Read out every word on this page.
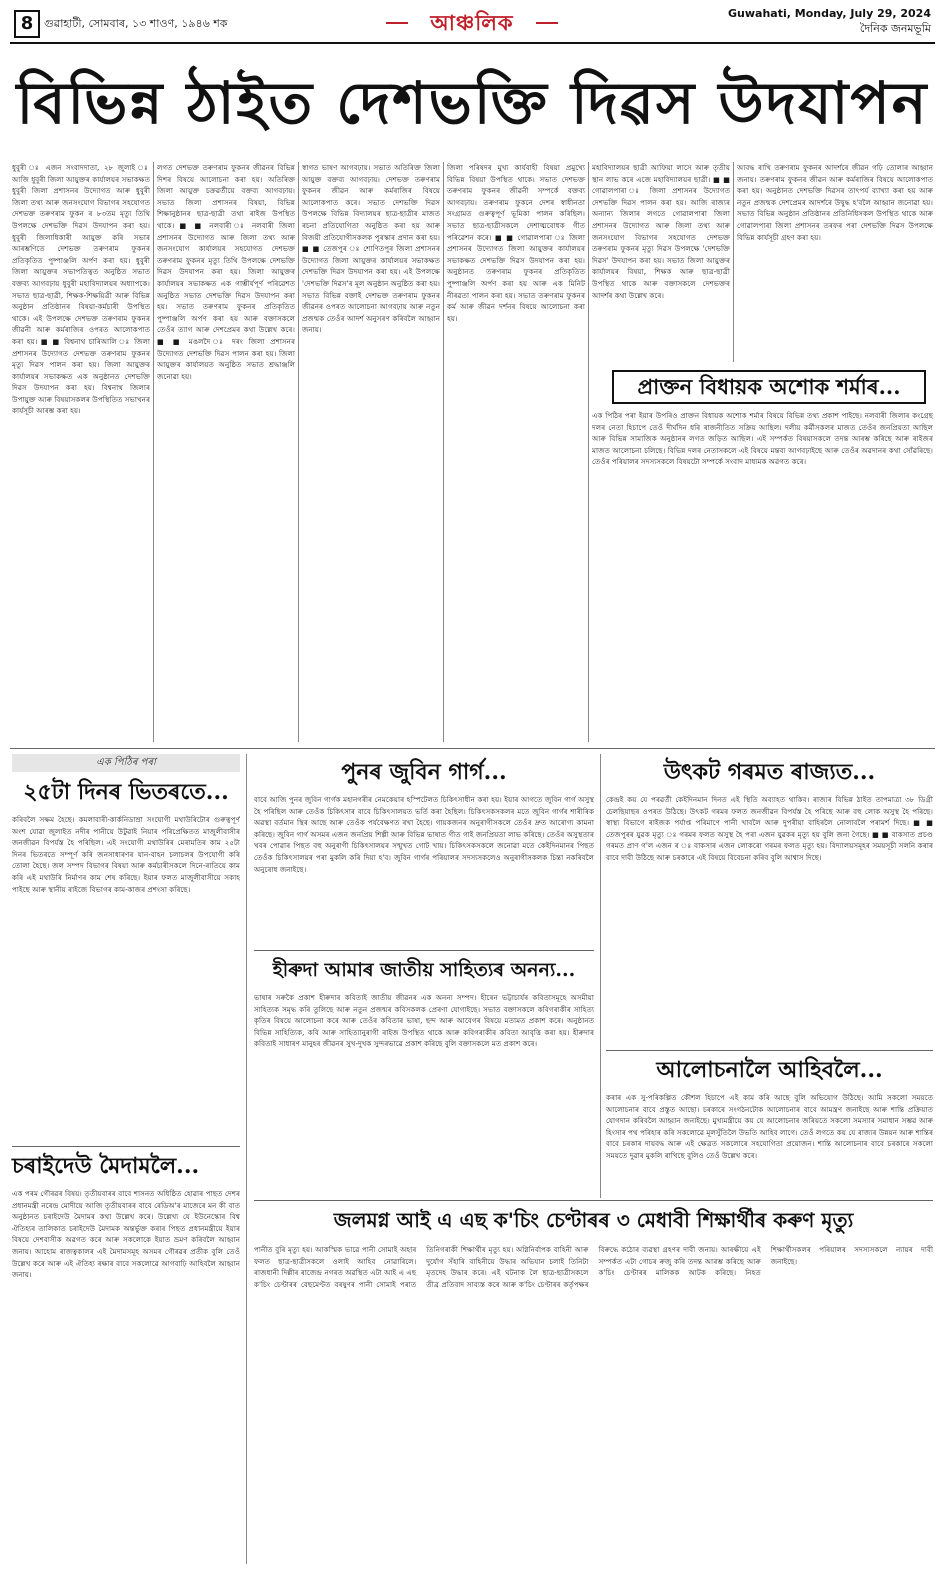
8 গুৱাহাটী, সোমবাৰ, ১৩ শাওণ, ১৯৪৬ শক	আঞ্চলিক	Guwahati, Monday, July 29, 2024
দৈনিক জনমভূমি
বিভিন্ন ঠাইত দেশভক্তি দিৱস উদযাপন
ধুবুৰী ঃ এজন সংবাদদাতা, ২৮ জুলাই ঃ আজি ধুবুৰী জিলা আয়ুক্তৰ কাৰ্যালয়ৰ সভাকক্ষত ধুবুৰী জিলা প্ৰশাসনৰ উদ্যোগত আৰু ধুবুৰী জিলা তথ্য আৰু জনসংযোগ বিভাগৰ সহযোগত দেশভক্ত তৰুণৰাম ফুকন ৰ ৮৩তম মৃত্যু তিথি উপলক্ষে দেশভক্তি দিৱস উদযাপন কৰা হয়। ধুবুৰী জিলাধিকাৰী আয়ুক্ত কৰি সভাৰ আৰম্ভণিতে দেশভক্ত তৰুণৰাম ফুকনৰ প্ৰতিকৃতিত পুষ্পাঞ্জলি অৰ্পণ কৰা হয়। ধুবুৰী জিলা আয়ুক্তৰ সভাপতিত্বত অনুষ্ঠিত সভাত বক্তব্য আগবঢ়ায় ধুবুৰী মহাবিদ্যালয়ৰ অধ্যাপকে। সভাত ছাত্ৰ-ছাত্ৰী, শিক্ষক-শিক্ষয়িত্ৰী আৰু বিভিন্ন অনুষ্ঠান প্ৰতিষ্ঠানৰ বিষয়া-কৰ্মচাৰী উপস্থিত থাকে। এই উপলক্ষে দেশভক্ত তৰুণৰাম ফুকনৰ জীৱনী আৰু কৰ্মৰাজিৰ ওপৰত আলোকপাত কৰা হয়। ■ ■ বিশ্বনাথ চাৰিআলি ঃ জিলা প্ৰশাসনৰ উদ্যোগত দেশভক্ত তৰুণৰাম ফুকনৰ মৃত্যু দিৱস পালন কৰা হয়। জিলা আয়ুক্তৰ কাৰ্যালয়ৰ সভাকক্ষত এক অনুষ্ঠানত দেশভক্তি দিৱস উদযাপন কৰা হয়। বিশ্বনাথ জিলাৰ উপায়ুক্ত আৰু বিষয়াসকলৰ উপস্থিতিত সভাখনৰ কাৰ্যসূচী আৰম্ভ কৰা হয়।
লগত দেশভক্ত তৰুণৰাম ফুকনৰ জীৱনৰ বিভিন্ন দিশৰ বিষয়ে আলোচনা কৰা হয়। অতিৰিক্ত জিলা আয়ুক্ত চক্ৰৱৰ্তীয়ে বক্তব্য আগবঢ়ায়। সভাত জিলা প্ৰশাসনৰ বিষয়া, বিভিন্ন শিক্ষানুষ্ঠানৰ ছাত্ৰ-ছাত্ৰী তথা ৰাইজ উপস্থিত থাকে। ■ ■ নলবাৰী ঃ নলবাৰী জিলা প্ৰশাসনৰ উদ্যোগত আৰু জিলা তথ্য আৰু জনসংযোগ কাৰ্যালয়ৰ সহযোগত দেশভক্ত তৰুণৰাম ফুকনৰ মৃত্যু তিথি উপলক্ষে দেশভক্তি দিৱস উদযাপন কৰা হয়। জিলা আয়ুক্তৰ কাৰ্যালয়ৰ সভাকক্ষত এক গাম্ভীৰ্যপূৰ্ণ পৰিৱেশত অনুষ্ঠিত সভাত দেশভক্তি দিৱস উদযাপন কৰা হয়। সভাত তৰুণৰাম ফুকনৰ প্ৰতিকৃতিত পুষ্পাঞ্জলি অৰ্পণ কৰা হয় আৰু বক্তাসকলে তেওঁৰ ত্যাগ আৰু দেশপ্ৰেমৰ কথা উল্লেখ কৰে। ■ ■ মঙলদৈ ঃ দৰং জিলা প্ৰশাসনৰ উদ্যোগত দেশভক্তি দিৱস পালন কৰা হয়। জিলা আয়ুক্তৰ কাৰ্যালয়ত অনুষ্ঠিত সভাত শ্ৰদ্ধাঞ্জলি জনোৱা হয়।
স্বাগত ভাষণ আগবঢ়ায়। সভাত অতিৰিক্ত জিলা আয়ুক্ত বক্তব্য আগবঢ়ায়। দেশভক্ত তৰুণৰাম ফুকনৰ জীৱন আৰু কৰ্মৰাজিৰ বিষয়ে আলোকপাত কৰে। সভাত দেশভক্তি দিৱস উপলক্ষে বিভিন্ন বিদ্যালয়ৰ ছাত্ৰ-ছাত্ৰীৰ মাজত ৰচনা প্ৰতিযোগিতা অনুষ্ঠিত কৰা হয় আৰু বিজয়ী প্ৰতিযোগীসকলক পুৰস্কাৰ প্ৰদান কৰা হয়। ■ ■ তেজপুৰ ঃ শোণিতপুৰ জিলা প্ৰশাসনৰ উদ্যোগত জিলা আয়ুক্তৰ কাৰ্যালয়ৰ সভাকক্ষত দেশভক্তি দিৱস উদযাপন কৰা হয়। এই উপলক্ষে 'দেশভক্তি দিৱস'ৰ মূল অনুষ্ঠান অনুষ্ঠিত কৰা হয়। সভাত বিভিন্ন বক্তাই দেশভক্ত তৰুণৰাম ফুকনৰ জীৱনৰ ওপৰত আলোচনা আগবঢ়ায় আৰু নতুন প্ৰজন্মক তেওঁৰ আদৰ্শ অনুসৰণ কৰিবলৈ আহ্বান জনায়।
জিলা পৰিষদৰ মুখ্য কাৰ্যবাহী বিষয়া প্ৰমুখ্যে বিভিন্ন বিষয়া উপস্থিত থাকে। সভাত দেশভক্ত তৰুণৰাম ফুকনৰ জীৱনী সম্পৰ্কে বক্তব্য আগবঢ়ায়। তৰুণৰাম ফুকনে দেশৰ স্বাধীনতা সংগ্ৰামত গুৰুত্বপূৰ্ণ ভূমিকা পালন কৰিছিল। সভাত ছাত্ৰ-ছাত্ৰীসকলে দেশাত্মবোধক গীত পৰিৱেশন কৰে। ■ ■ গোৱালপাৰা ঃ জিলা প্ৰশাসনৰ উদ্যোগত জিলা আয়ুক্তৰ কাৰ্যালয়ৰ সভাকক্ষত দেশভক্তি দিৱস উদযাপন কৰা হয়। অনুষ্ঠানত তৰুণৰাম ফুকনৰ প্ৰতিকৃতিত পুষ্পাঞ্জলি অৰ্পণ কৰা হয় আৰু এক মিনিট নীৰৱতা পালন কৰা হয়। সভাত তৰুণৰাম ফুকনৰ কৰ্ম আৰু জীৱন দৰ্শনৰ বিষয়ে আলোচনা কৰা হয়।
মহাবিদ্যালয়ৰ ছাত্ৰী আফিয়া লাসে আৰু তৃতীয় স্থান লাভ কৰে এজে মহাবিদ্যালয়ৰ ছাত্ৰী। ■ ■ গোৱালপাৰা ঃ জিলা প্ৰশাসনৰ উদ্যোগত দেশভক্তি দিৱস পালন কৰা হয়। আজি ৰাজ্যৰ অন্যান্য জিলাৰ লগতে গোৱালপাৰা জিলা প্ৰশাসনৰ উদ্যোগত আৰু জিলা তথ্য আৰু জনসংযোগ বিভাগৰ সহযোগত দেশভক্ত তৰুণৰাম ফুকনৰ মৃত্যু দিৱস উপলক্ষে 'দেশভক্তি দিৱস' উদযাপন কৰা হয়। সভাত জিলা আয়ুক্তৰ কাৰ্যালয়ৰ বিষয়া, শিক্ষক আৰু ছাত্ৰ-ছাত্ৰী উপস্থিত থাকে আৰু বক্তাসকলে দেশভক্তৰ আদৰ্শৰ কথা উল্লেখ কৰে।
আবদ্ধ ৰাখি তৰুণৰাম ফুকনৰ আদৰ্শৰে জীৱন গঢ়ি তোলাৰ আহ্বান জনায়। তৰুণৰাম ফুকনৰ জীৱন আৰু কৰ্মৰাজিৰ বিষয়ে আলোকপাত কৰা হয়। অনুষ্ঠানত দেশভক্তি দিৱসৰ তাৎপৰ্য ব্যাখ্যা কৰা হয় আৰু নতুন প্ৰজন্মক দেশপ্ৰেমৰ আদৰ্শৰে উদ্বুদ্ধ হ'বলৈ আহ্বান জনোৱা হয়। সভাত বিভিন্ন অনুষ্ঠান প্ৰতিষ্ঠানৰ প্ৰতিনিধিসকল উপস্থিত থাকে আৰু গোৱালপাৰা জিলা প্ৰশাসনৰ তৰফৰ পৰা দেশভক্তি দিৱস উপলক্ষে বিভিন্ন কাৰ্যসূচী গ্ৰহণ কৰা হয়।
প্ৰাক্তন বিধায়ক অশোক শৰ্মাৰ...
এক পিঠিৰ পৰা ইয়াৰ উপৰিও প্ৰাক্তন বিধায়ক অশোক শৰ্মাৰ বিষয়ে বিভিন্ন তথ্য প্ৰকাশ পাইছে। নলবাৰী জিলাৰ কংগ্ৰেছ দলৰ নেতা হিচাপে তেওঁ দীৰ্ঘদিন ধৰি ৰাজনীতিত সক্ৰিয় আছিল। দলীয় কৰ্মীসকলৰ মাজত তেওঁৰ জনপ্ৰিয়তা আছিল আৰু বিভিন্ন সামাজিক অনুষ্ঠানৰ লগত জড়িত আছিল। এই সম্পৰ্কত বিষয়াসকলে তদন্ত আৰম্ভ কৰিছে আৰু ৰাইজৰ মাজত আলোচনা চলিছে। বিভিন্ন দলৰ নেতাসকলে এই বিষয়ে মন্তব্য আগবঢ়াইছে আৰু তেওঁৰ অৱদানৰ কথা সোঁৱৰিছে। তেওঁৰ পৰিয়ালৰ সদস্যসকলে বিষয়টো সম্পৰ্কে সংবাদ মাধ্যমক অৱগত কৰে।
এক পিঠিৰ পৰা
২৫টা দিনৰ ভিতৰতে...
কৰিবলৈ সক্ষম হৈছে। কমলাবাৰী-কাৰ্কনিডাম্ৰা সংযোগী মথাউৰিটোৰ গুৰুত্বপূৰ্ণ অংশ যোৱা জুলাইত নদীৰ পানীয়ে উটুৱাই নিয়াৰ পৰিপ্ৰেক্ষিতত মাজুলীবাসীৰ জনজীৱন বিপৰ্যস্ত হৈ পৰিছিল। এই সংযোগী মথাউৰিৰ মেৰামতিৰ কাম ২৫টা দিনৰ ভিতৰতে সম্পূৰ্ণ কৰি জনসাধাৰণৰ যান-বাহন চলাচলৰ উপযোগী কৰি তোলা হৈছে। জল সম্পদ বিভাগৰ বিষয়া আৰু কৰ্মচাৰীসকলে দিনে-ৰাতিয়ে কাম কৰি এই মথাউৰি নিৰ্মাণৰ কাম শেষ কৰিছে। ইয়াৰ ফলত মাজুলীবাসীয়ে সকাহ পাইছে আৰু স্থানীয় ৰাইজে বিভাগৰ কাম-কাজৰ প্ৰশংসা কৰিছে।
চৰাইদেউ মৈদামলৈ...
এক পৰম গৌৰৱৰ বিষয়। তৃতীয়বাৰৰ বাবে শাসনত অধিষ্ঠিত হোৱাৰ পাছত দেশৰ প্ৰধানমন্ত্ৰী নৰেন্দ্ৰ মোদীয়ে আজি তৃতীয়বাৰৰ বাবে ৰেডিঅ'ৰ মাজেৰে মন কী বাত অনুষ্ঠানত চৰাইদেউ মৈদামৰ কথা উল্লেখ কৰে। উল্লেখ্য যে ইউনেস্কোৰ বিশ্ব ঐতিহ্যৰ তালিকাত চৰাইদেউ মৈদামক অন্তৰ্ভুক্ত কৰাৰ পিছত প্ৰধানমন্ত্ৰীয়ে ইয়াৰ বিষয়ে দেশবাসীক অৱগত কৰে আৰু সকলোকে ইয়াত ভ্ৰমণ কৰিবলৈ আহ্বান জনায়। আহোম ৰাজত্বকালৰ এই মৈদামসমূহ অসমৰ গৌৰৱৰ প্ৰতীক বুলি তেওঁ উল্লেখ কৰে আৰু এই ঐতিহ্য ৰক্ষাৰ বাবে সকলোৱে আগবাঢ়ি আহিবলৈ আহ্বান জনায়।
পুনৰ জুবিন গাৰ্গ...
বাবে আজি পুনৰ জুবিন গাৰ্গক মহানগৰীৰ নেমকেয়াৰ হস্পিটেলত চিকিৎসাধীন কৰা হয়। ইয়াৰ আগতে জুবিন গাৰ্গ অসুস্থ হৈ পৰিছিল আৰু তেওঁক চিকিৎসাৰ বাবে চিকিৎসালয়ত ভৰ্তি কৰা হৈছিল। চিকিৎসকসকলৰ মতে জুবিন গাৰ্গৰ শাৰীৰিক অৱস্থা বৰ্তমান স্থিৰ আছে আৰু তেওঁক পৰ্যবেক্ষণত ৰখা হৈছে। গায়কজনৰ অনুৰাগীসকলে তেওঁৰ দ্ৰুত আৰোগ্য কামনা কৰিছে। জুবিন গাৰ্গ অসমৰ এজন জনপ্ৰিয় শিল্পী আৰু বিভিন্ন ভাষাত গীত গাই জনপ্ৰিয়তা লাভ কৰিছে। তেওঁৰ অসুস্থতাৰ খবৰ পোৱাৰ পিছত বহু অনুৰাগী চিকিৎসালয়ৰ সন্মুখত গোট খায়। চিকিৎসকসকলে জনোৱা মতে কেইদিনমানৰ পিছত তেওঁক চিকিৎসালয়ৰ পৰা মুকলি কৰি দিয়া হ'ব। জুবিন গাৰ্গৰ পৰিয়ালৰ সদস্যসকলেও অনুৰাগীসকলক চিন্তা নকৰিবলৈ অনুৰোধ জনাইছে।
উৎকট গৰমত ৰাজ্যত...
কেন্দ্ৰই কয় যে পৰৱৰ্তী কেইদিনমান দিনত এই স্থিতি অব্যাহত থাকিব। ৰাজ্যৰ বিভিন্ন ঠাইত তাপমাত্ৰা ৩৮ ডিগ্ৰী চেলছিয়াছৰ ওপৰত উঠিছে। উৎকট গৰমৰ ফলত জনজীৱন বিপৰ্যস্ত হৈ পৰিছে আৰু বহু লোক অসুস্থ হৈ পৰিছে। স্বাস্থ্য বিভাগে ৰাইজক পৰ্যাপ্ত পৰিমাণে পানী খাবলৈ আৰু দুপৰীয়া বাহিৰলৈ নোলাবলৈ পৰামৰ্শ দিছে। ■ ■ তেজপুৰৰ যুৱক মৃত্যু ঃ গৰমৰ ফলত অসুস্থ হৈ পৰা এজন যুৱকৰ মৃত্যু হয় বুলি জনা গৈছে। ■ ■ বাকসাত প্ৰচণ্ড গৰমত প্ৰাণ গ'ল এজন ৰ ঃ বাকসাৰ এজন লোকৰো গৰমৰ ফলত মৃত্যু হয়। বিদ্যালয়সমূহৰ সময়সূচী সলনি কৰাৰ বাবে দাবী উঠিছে আৰু চৰকাৰে এই বিষয়ে বিবেচনা কৰিব বুলি আশ্বাস দিছে।
হীৰুদা আমাৰ জাতীয় সাহিত্যৰ অনন্য...
ভাষাৰ সৰুকৈ প্ৰকাশ হীৰুদাৰ কবিতাই জাতীয় জীৱনৰ এক অনন্য সম্পদ। হীৰেন ভট্টাচাৰ্যৰ কবিতাসমূহে অসমীয়া সাহিত্যক সমৃদ্ধ কৰি তুলিছে আৰু নতুন প্ৰজন্মৰ কবিসকলক প্ৰেৰণা যোগাইছে। সভাত বক্তাসকলে কবিগৰাকীৰ সাহিত্য কৃতিৰ বিষয়ে আলোচনা কৰে আৰু তেওঁৰ কবিতাৰ ভাষা, ছন্দ আৰু আবেগৰ বিষয়ে মতামত প্ৰকাশ কৰে। অনুষ্ঠানত বিভিন্ন সাহিত্যিক, কবি আৰু সাহিত্যানুৰাগী ৰাইজ উপস্থিত থাকে আৰু কবিগৰাকীৰ কবিতা আবৃত্তি কৰা হয়। হীৰুদাৰ কবিতাই সাধাৰণ মানুহৰ জীৱনৰ সুখ-দুখক সুন্দৰভাৱে প্ৰকাশ কৰিছে বুলি বক্তাসকলে মত প্ৰকাশ কৰে।
আলোচনালৈ আহিবলৈ...
কৰাৰ এক সু-পৰিকল্পিত কৌশল হিচাপে এই কাম কৰি আছে বুলি অভিযোগ উঠিছে। আমি সকলো সময়তে আলোচনাৰ বাবে প্ৰস্তুত আছো। চৰকাৰে সংগঠনটোক আলোচনাৰ বাবে আমন্ত্ৰণ জনাইছে আৰু শান্তি প্ৰক্ৰিয়াত যোগদান কৰিবলৈ আহ্বান জনাইছে। মুখ্যমন্ত্ৰীয়ে কয় যে আলোচনাৰ জৰিয়তে সকলো সমস্যাৰ সমাধান সম্ভৱ আৰু হিংসাৰ পথ পৰিহাৰ কৰি সকলোৱে মূলসুঁতিলৈ উভতি আহিব লাগে। তেওঁ লগতে কয় যে ৰাজ্যৰ উন্নয়ন আৰু শান্তিৰ বাবে চৰকাৰ দায়বদ্ধ আৰু এই ক্ষেত্ৰত সকলোৰে সহযোগিতা প্ৰয়োজন। শান্তি আলোচনাৰ বাবে চৰকাৰে সকলো সময়তে দুৱাৰ মুকলি ৰাখিছে বুলিও তেওঁ উল্লেখ কৰে।
জলমগ্ন আই এ এছ ক'চিং চেণ্টাৰৰ ৩ মেধাবী শিক্ষাৰ্থীৰ কৰুণ মৃত্যু
পানীত বুৰি মৃত্যু হয়। আকস্মিক ভাৱে পানী সোমাই অহাৰ ফলত ছাত্ৰ-ছাত্ৰীসকলে ওলাই আহিব নোৱাৰিলে। ৰাজধানী দিল্লীৰ ৰাজেন্দ্ৰ নগৰত অৱস্থিত এটা আই এ এছ ক'চিং চেণ্টাৰৰ বেছমেণ্টত বৰষুণৰ পানী সোমাই পৰাত তিনিগৰাকী শিক্ষাৰ্থীৰ মৃত্যু হয়। অগ্নিনিৰ্বাপক বাহিনী আৰু দুৰ্যোগ সঁহাৰি বাহিনীয়ে উদ্ধাৰ অভিযান চলাই তিনিটা মৃতদেহ উদ্ধাৰ কৰে। এই ঘটনাক লৈ ছাত্ৰ-ছাত্ৰীসকলে তীব্ৰ প্ৰতিবাদ সাব্যস্ত কৰে আৰু ক'চিং চেণ্টাৰৰ কৰ্তৃপক্ষৰ বিৰুদ্ধে কঠোৰ ব্যৱস্থা গ্ৰহণৰ দাবী জনায়। আৰক্ষীয়ে এই সম্পৰ্কত এটা গোচৰ ৰুজু কৰি তদন্ত আৰম্ভ কৰিছে আৰু ক'চিং চেণ্টাৰৰ মালিকক আটক কৰিছে। নিহত শিক্ষাৰ্থীসকলৰ পৰিয়ালৰ সদস্যসকলে ন্যায়ৰ দাবী জনাইছে।
